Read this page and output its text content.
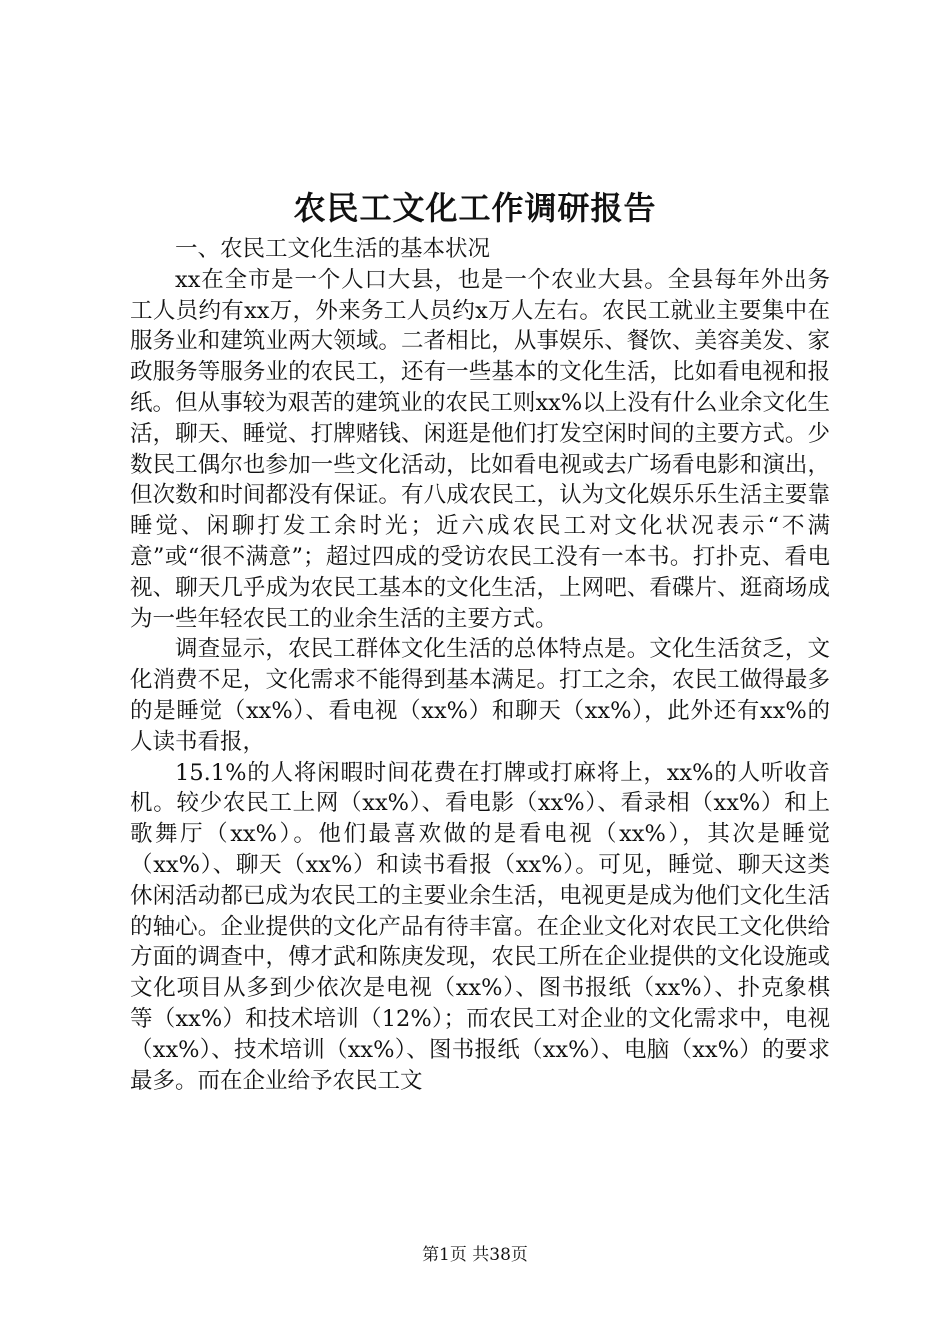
农民工文化工作调研报告

一、农民工文化生活的基本状况

xx在全市是一个人口大县，也是一个农业大县。全县每年外出务工人员约有xx万，外来务工人员约x万人左右。农民工就业主要集中在服务业和建筑业两大领域。二者相比，从事娱乐、餐饮、美容美发、家政服务等服务业的农民工，还有一些基本的文化生活，比如看电视和报纸。但从事较为艰苦的建筑业的农民工则xx%以上没有什么业余文化生活，聊天、睡觉、打牌赌钱、闲逛是他们打发空闲时间的主要方式。少数民工偶尔也参加一些文化活动，比如看电视或去广场看电影和演出，但次数和时间都没有保证。有八成农民工，认为文化娱乐乐生活主要靠睡觉、闲聊打发工余时光；近六成农民工对文化状况表示“不满意”或“很不满意”；超过四成的受访农民工没有一本书。打扑克、看电视、聊天几乎成为农民工基本的文化生活，上网吧、看碟片、逛商场成为一些年轻农民工的业余生活的主要方式。

调查显示，农民工群体文化生活的总体特点是。文化生活贫乏，文化消费不足，文化需求不能得到基本满足。打工之余，农民工做得最多的是睡觉（xx%）、看电视（xx%）和聊天（xx%），此外还有xx%的人读书看报，

15.1%的人将闲暇时间花费在打牌或打麻将上，xx%的人听收音机。较少农民工上网（xx%）、看电影（xx%）、看录相（xx%）和上歌舞厅（xx%）。他们最喜欢做的是看电视（xx%），其次是睡觉（xx%）、聊天（xx%）和读书看报（xx%）。可见，睡觉、聊天这类休闲活动都已成为农民工的主要业余生活，电视更是成为他们文化生活的轴心。企业提供的文化产品有待丰富。在企业文化对农民工文化供给方面的调查中，傅才武和陈庚发现，农民工所在企业提供的文化设施或文化项目从多到少依次是电视（xx%）、图书报纸（xx%）、扑克象棋等（xx%）和技术培训（12%）；而农民工对企业的文化需求中，电视（xx%）、技术培训（xx%）、图书报纸（xx%）、电脑（xx%）的要求最多。而在企业给予农民工文

第1页 共38页
